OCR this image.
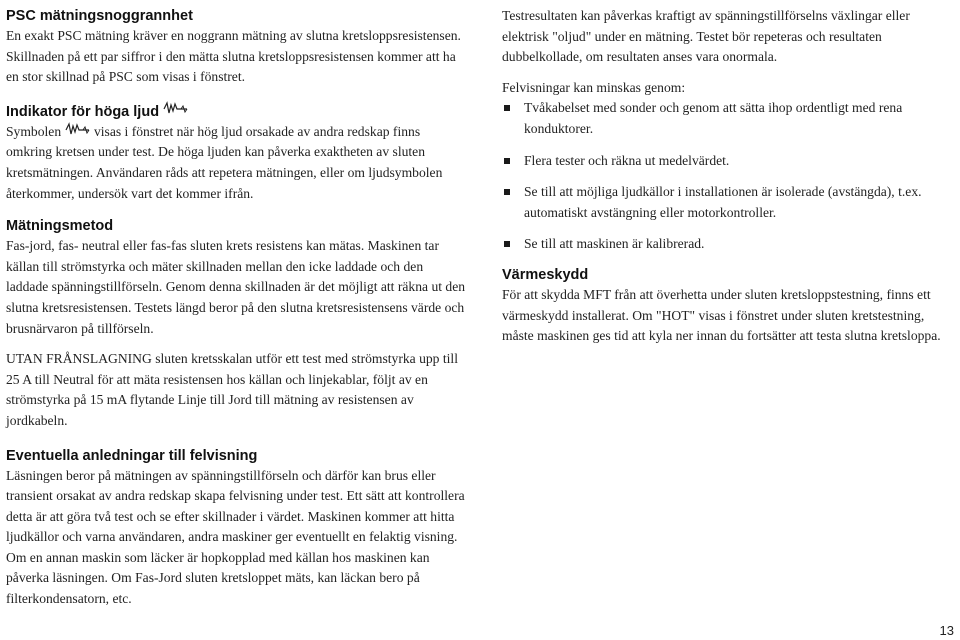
PSC mätningsnoggrannhet

En exakt PSC mätning kräver en noggrann mätning av slutna kretsloppsresistensen. Skillnaden på ett par siffror i den mätta slutna kretsloppsresistensen kommer att ha en stor skillnad på PSC som visas i fönstret.

Indikator för höga ljud

Symbolen visas i fönstret när hög ljud orsakade av andra redskap finns omkring kretsen under test. De höga ljuden kan påverka exaktheten av sluten kretsmätningen. Användaren råds att repetera mätningen, eller om ljudsymbolen återkommer, undersök vart det kommer ifrån.

Mätningsmetod

Fas-jord, fas- neutral eller fas-fas sluten krets resistens kan mätas. Maskinen tar källan till strömstyrka och mäter skillnaden mellan den icke laddade och den laddade spänningstillförseln. Genom denna skillnaden är det möjligt att räkna ut den slutna kretsresistensen. Testets längd beror på den slutna kretsresistensens värde och brusnärvaron på tillförseln.

UTAN FRÅNSLAGNING sluten kretsskalan utför ett test med strömstyrka upp till 25 A till Neutral för att mäta resistensen hos källan och linjekablar, följt av en strömstyrka på 15 mA flytande Linje till Jord till mätning av resistensen av jordkabeln.

Eventuella anledningar till felvisning

Läsningen beror på mätningen av spänningstillförseln och därför kan brus eller transient orsakat av andra redskap skapa felvisning under test. Ett sätt att kontrollera detta är att göra två test och se efter skillnader i värdet. Maskinen kommer att hitta ljudkällor och varna användaren, andra maskiner ger eventuellt en felaktig visning. Om en annan maskin som läcker är hopkopplad med källan hos maskinen kan påverka läsningen. Om Fas-Jord sluten kretsloppet mäts, kan läckan bero på filterkondensatorn, etc.

Testresultaten kan påverkas kraftigt av spänningstillförselns växlingar eller elektrisk "oljud" under en mätning. Testet bör repeteras och resultaten dubbelkollade, om resultaten anses vara onormala.

Felvisningar kan minskas genom:

Tvåkabelset med sonder och genom att sätta ihop ordentligt med rena konduktorer.
Flera tester och räkna ut medelvärdet.
Se till att möjliga ljudkällor i installationen är isolerade (avstängda), t.ex. automatiskt avstängning eller motorkontroller.
Se till att maskinen är kalibrerad.
Värmeskydd

För att skydda MFT från att överhetta under sluten kretsloppstestning, finns ett värmeskydd installerat. Om "HOT" visas i fönstret under sluten kretstestning, måste maskinen ges tid att kyla ner innan du fortsätter att testa slutna kretsloppa.

13
